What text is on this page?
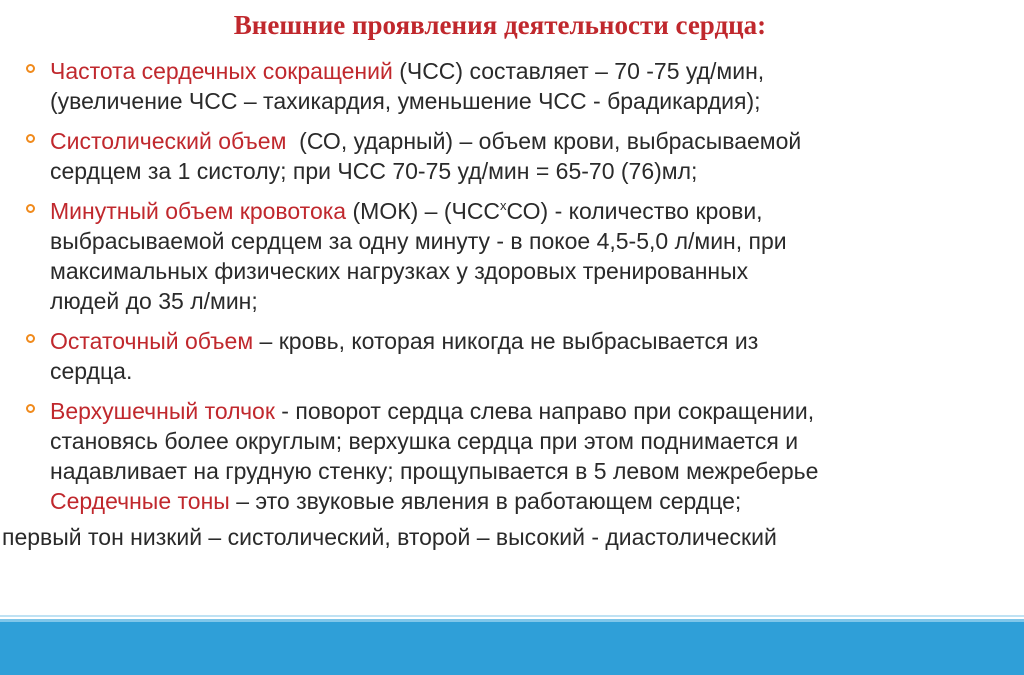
Внешние проявления деятельности сердца:
Частота сердечных сокращений (ЧСС) составляет – 70 -75 уд/мин,
(увеличение ЧСС – тахикардия, уменьшение ЧСС - брадикардия);
Систолический объем  (СО, ударный) – объем крови, выбрасываемой
сердцем за 1 систолу; при ЧСС 70-75 уд/мин = 65-70 (76)мл;
Минутный объем кровотока $(МОК) - (ЧСС^хСО)$ - количество крови,
выбрасываемой сердцем за одну минуту - в покое 4,5-5,0 л/мин, при
максимальных физических нагрузках у здоровых тренированных
людей до 35 л/мин;
Остаточный объем – кровь, которая никогда не выбрасывается из
сердца.
Верхушечный толчок - поворот сердца слева направо при сокращении,
становясь более округлым; верхушка сердца при этом поднимается и
надавливает на грудную стенку; прощупывается в 5 левом межреберье
Сердечные тоны – это звуковые явления в работающем сердце;
первый тон низкий – систолический, второй – высокий - диастолический
